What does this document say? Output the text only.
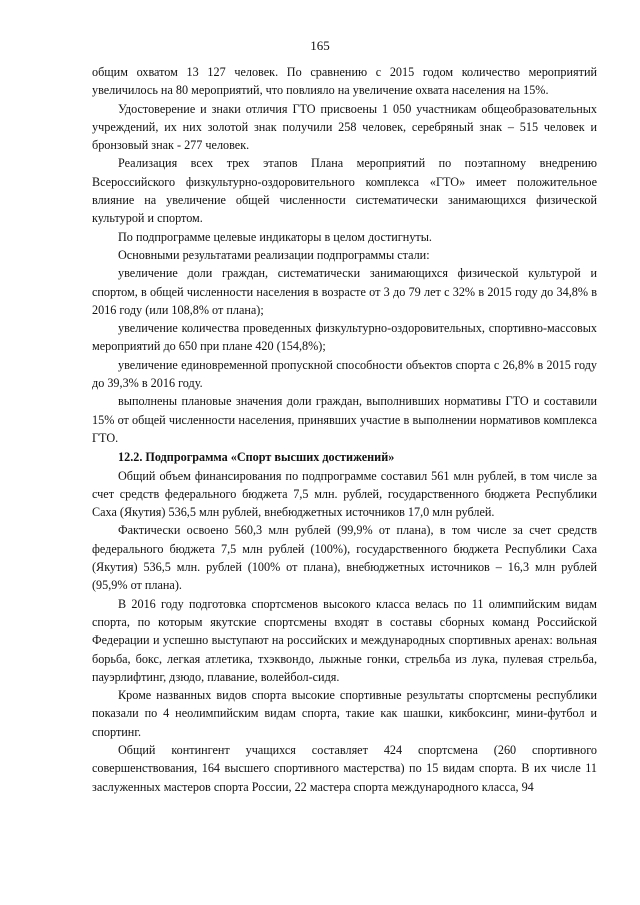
165

общим охватом 13 127 человек. По сравнению с 2015 годом количество мероприятий увеличилось на 80 мероприятий, что повлияло на увеличение охвата населения на 15%.

Удостоверение и знаки отличия ГТО присвоены 1 050 участникам общеобразовательных учреждений, их них золотой знак получили 258 человек, серебряный знак – 515 человек и бронзовый знак - 277 человек.

Реализация всех трех этапов Плана мероприятий по поэтапному внедрению Всероссийского физкультурно-оздоровительного комплекса «ГТО» имеет положительное влияние на увеличение общей численности систематически занимающихся физической культурой и спортом.

По подпрограмме целевые индикаторы в целом достигнуты.

Основными результатами реализации подпрограммы стали:

увеличение доли граждан, систематически занимающихся физической культурой и спортом, в общей численности населения в возрасте от 3 до 79 лет с 32% в 2015 году до 34,8% в 2016 году (или 108,8% от плана);

увеличение количества проведенных физкультурно-оздоровительных, спортивно-массовых мероприятий до 650 при плане 420 (154,8%);

увеличение единовременной пропускной способности объектов спорта с 26,8% в 2015 году до 39,3% в 2016 году.

выполнены плановые значения доли граждан, выполнивших нормативы ГТО и составили 15% от общей численности населения, принявших участие в выполнении нормативов комплекса ГТО.

12.2. Подпрограмма «Спорт высших достижений»

Общий объем финансирования по подпрограмме составил 561 млн рублей, в том числе за счет средств федерального бюджета 7,5 млн. рублей, государственного бюджета Республики Саха (Якутия) 536,5 млн рублей, внебюджетных источников 17,0 млн рублей.

Фактически освоено 560,3 млн рублей (99,9% от плана), в том числе за счет средств федерального бюджета 7,5 млн рублей (100%), государственного бюджета Республики Саха (Якутия) 536,5 млн. рублей (100% от плана), внебюджетных источников – 16,3 млн рублей (95,9% от плана).

В 2016 году подготовка спортсменов высокого класса велась по 11 олимпийским видам спорта, по которым якутские спортсмены входят в составы сборных команд Российской Федерации и успешно выступают на российских и международных спортивных аренах: вольная борьба, бокс, легкая атлетика, тхэквондо, лыжные гонки, стрельба из лука, пулевая стрельба, пауэрлифтинг, дзюдо, плавание, волейбол-сидя.

Кроме названных видов спорта высокие спортивные результаты спортсмены республики показали по 4 неолимпийским видам спорта, такие как шашки, кикбоксинг, мини-футбол и спортинг.

Общий контингент учащихся составляет 424 спортсмена (260 спортивного совершенствования, 164 высшего спортивного мастерства) по 15 видам спорта. В их числе 11 заслуженных мастеров спорта России, 22 мастера спорта международного класса, 94
